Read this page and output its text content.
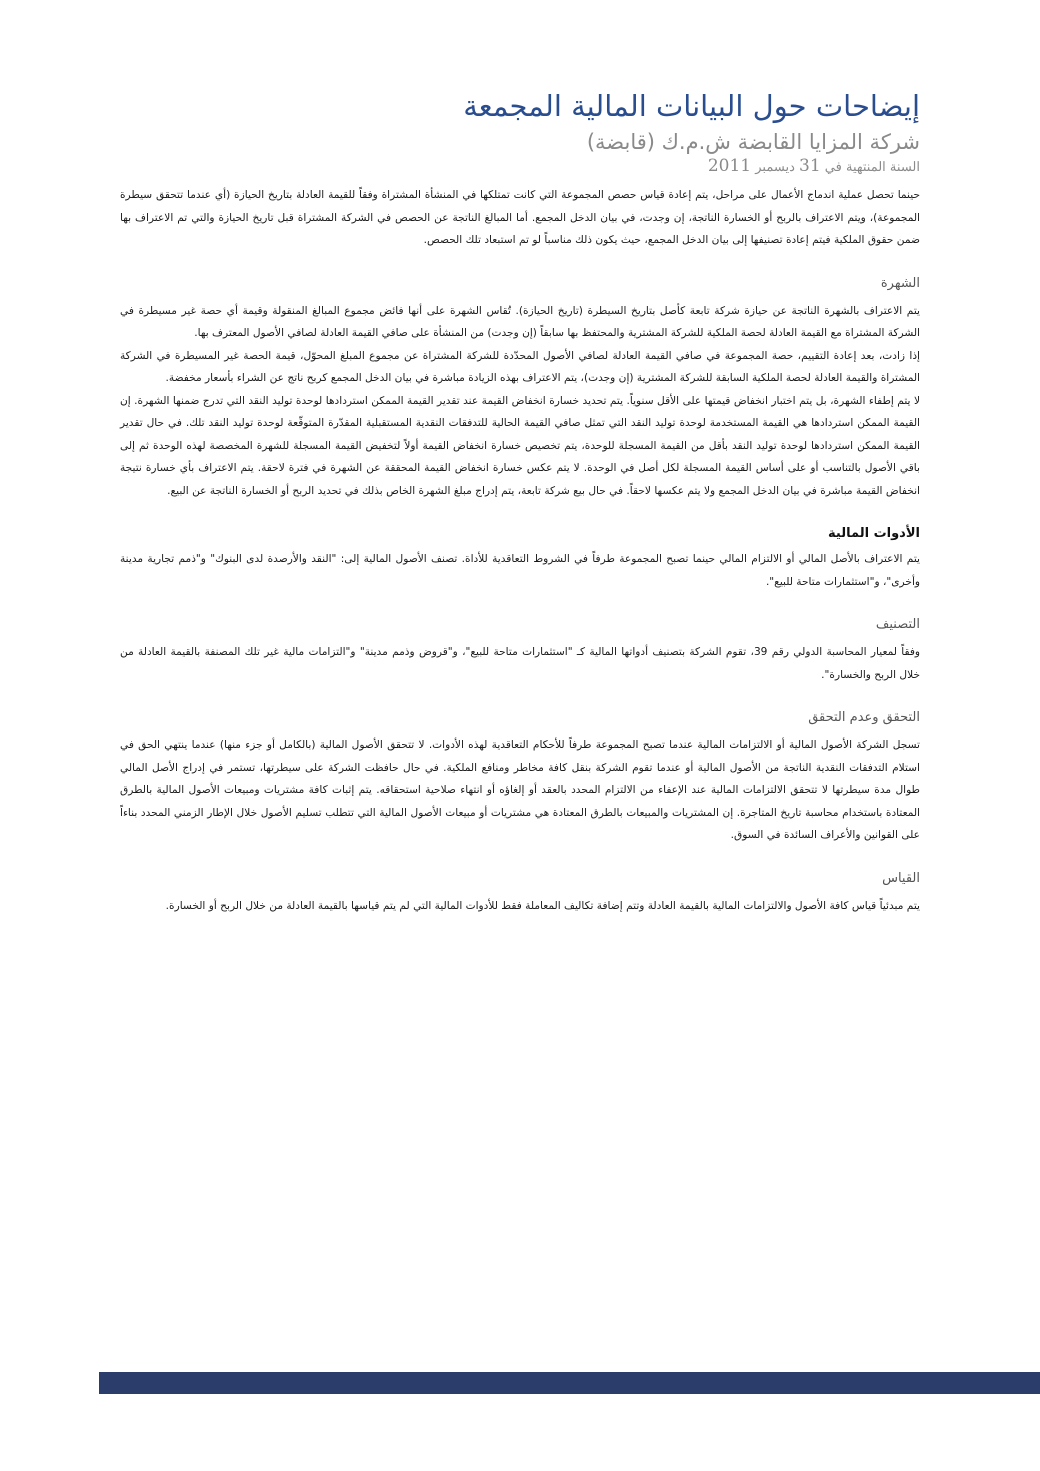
إيضاحات حول البيانات المالية المجمعة
شركة المزايا القابضة ش.م.ك (قابضة)
السنة المنتهية في 31 ديسمبر 2011

حينما تحصل عملية اندماج الأعمال على مراحل، يتم إعادة قياس حصص المجموعة التي كانت تمتلكها في المنشأة المشتراة وفقاً للقيمة العادلة بتاريخ الحيازة (أي عندما تتحقق سيطرة المجموعة)، ويتم الاعتراف بالربح أو الخسارة الناتجة، إن وجدت، في بيان الدخل المجمع. أما المبالغ الناتجة عن الحصص في الشركة المشتراة قبل تاريخ الحيازة والتي تم الاعتراف بها ضمن حقوق الملكية فيتم إعادة تصنيفها إلى بيان الدخل المجمع، حيث يكون ذلك مناسباً لو تم استبعاد تلك الحصص.

الشهرة

يتم الاعتراف بالشهرة الناتجة عن حيازة شركة تابعة كأصل بتاريخ السيطرة (تاريخ الحيازة). تُقاس الشهرة على أنها فائض مجموع المبالغ المنقولة وقيمة أي حصة غير مسيطرة في الشركة المشتراة مع القيمة العادلة لحصة الملكية للشركة المشترية والمحتفظ بها سابقاً (إن وجدت) من المنشأة على صافي القيمة العادلة لصافي الأصول المعترف بها.

إذا زادت، بعد إعادة التقييم، حصة المجموعة في صافي القيمة العادلة لصافي الأصول المحدّدة للشركة المشتراة عن مجموع المبلغ المحوّل، قيمة الحصة غير المسيطرة في الشركة المشتراة والقيمة العادلة لحصة الملكية السابقة للشركة المشترية (إن وجدت)، يتم الاعتراف بهذه الزيادة مباشرة في بيان الدخل المجمع كربح ناتج عن الشراء بأسعار مخفضة.

لا يتم إطفاء الشهرة، بل يتم اختبار انخفاض قيمتها على الأقل سنوياً. يتم تحديد خسارة انخفاض القيمة عند تقدير القيمة الممكن استردادها لوحدة توليد النقد التي تدرج ضمنها الشهرة. إن القيمة الممكن استردادها هي القيمة المستخدمة لوحدة توليد النقد التي تمثل صافي القيمة الحالية للتدفقات النقدية المستقبلية المقدّرة المتوقّعة لوحدة توليد النقد تلك. في حال تقدير القيمة الممكن استردادها لوحدة توليد النقد بأقل من القيمة المسجلة للوحدة، يتم تخصيص خسارة انخفاض القيمة أولاً لتخفيض القيمة المسجلة للشهرة المخصصة لهذه الوحدة ثم إلى باقي الأصول بالتناسب أو على أساس القيمة المسجلة لكل أصل في الوحدة. لا يتم عكس خسارة انخفاض القيمة المحققة عن الشهرة في فترة لاحقة. يتم الاعتراف بأي خسارة نتيجة انخفاض القيمة مباشرة في بيان الدخل المجمع ولا يتم عكسها لاحقاً. في حال بيع شركة تابعة، يتم إدراج مبلغ الشهرة الخاص بذلك في تحديد الربح أو الخسارة الناتجة عن البيع.

الأدوات المالية

يتم الاعتراف بالأصل المالي أو الالتزام المالي حينما تصبح المجموعة طرفاً في الشروط التعاقدية للأداة. تصنف الأصول المالية إلى: "النقد والأرصدة لدى البنوك" و"ذمم تجارية مدينة وأخرى"، و"استثمارات متاحة للبيع".

التصنيف

وفقاً لمعيار المحاسبة الدولي رقم 39، تقوم الشركة بتصنيف أدواتها المالية كـ "استثمارات متاحة للبيع"، و"قروض وذمم مدينة" و"التزامات مالية غير تلك المصنفة بالقيمة العادلة من خلال الربح والخسارة".

التحقق وعدم التحقق

تسجل الشركة الأصول المالية أو الالتزامات المالية عندما تصبح المجموعة طرفاً للأحكام التعاقدية لهذه الأدوات. لا تتحقق الأصول المالية (بالكامل أو جزء منها) عندما ينتهي الحق في استلام التدفقات النقدية الناتجة من الأصول المالية أو عندما تقوم الشركة بنقل كافة مخاطر ومنافع الملكية. في حال حافظت الشركة على سيطرتها، تستمر في إدراج الأصل المالي طوال مدة سيطرتها لا تتحقق الالتزامات المالية عند الإعفاء من الالتزام المحدد بالعقد أو إلغاؤه أو انتهاء صلاحية استحقاقه. يتم إثبات كافة مشتريات ومبيعات الأصول المالية بالطرق المعتادة باستخدام محاسبة تاريخ المتاجرة. إن المشتريات والمبيعات بالطرق المعتادة هي مشتريات أو مبيعات الأصول المالية التي تتطلب تسليم الأصول خلال الإطار الزمني المحدد بناءاً على القوانين والأعراف السائدة في السوق.

القياس

يتم مبدئياً قياس كافة الأصول والالتزامات المالية بالقيمة العادلة وتتم إضافة تكاليف المعاملة فقط للأدوات المالية التي لم يتم قياسها بالقيمة العادلة من خلال الربح أو الخسارة.
